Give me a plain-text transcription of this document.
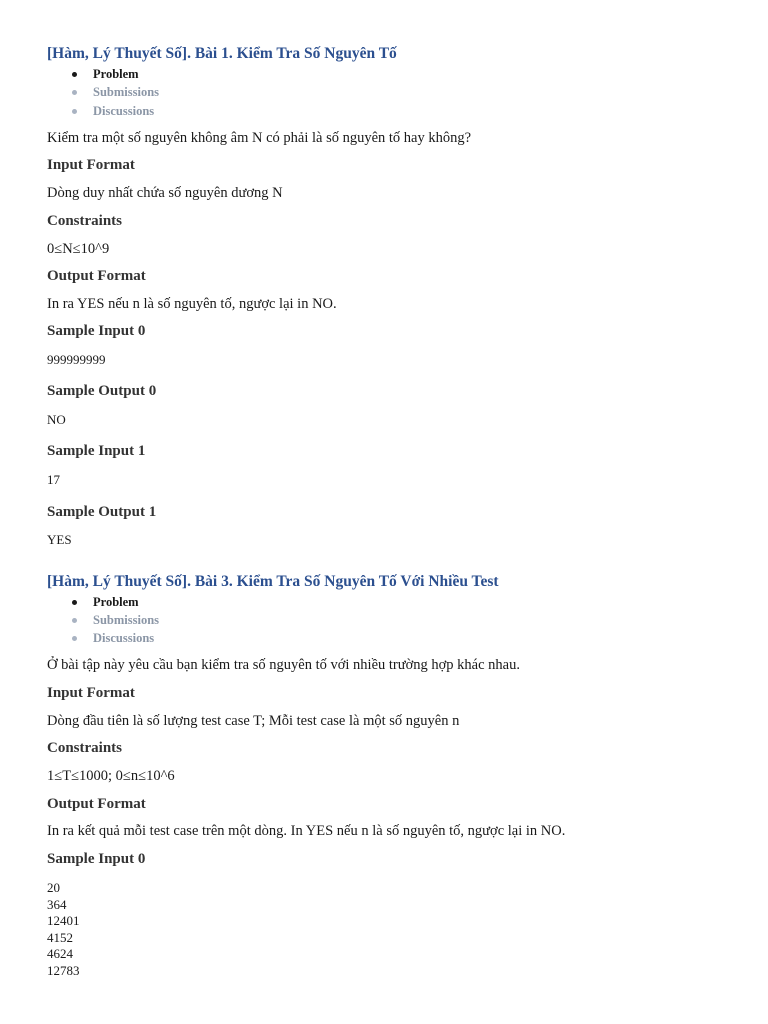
[Hàm, Lý Thuyết Số]. Bài 1. Kiểm Tra Số Nguyên Tố
Problem
Submissions
Discussions
Kiểm tra một số nguyên không âm N có phải là số nguyên tố hay không?
Input Format
Dòng duy nhất chứa số nguyên dương N
Constraints
0≤N≤10^9
Output Format
In ra YES nếu n là số nguyên tố, ngược lại in NO.
Sample Input 0
999999999
Sample Output 0
NO
Sample Input 1
17
Sample Output 1
YES
[Hàm, Lý Thuyết Số]. Bài 3. Kiểm Tra Số Nguyên Tố Với Nhiều Test
Problem
Submissions
Discussions
Ở bài tập này yêu cầu bạn kiểm tra số nguyên tố với nhiều trường hợp khác nhau.
Input Format
Dòng đầu tiên là số lượng test case T; Mỗi test case là một số nguyên n
Constraints
1≤T≤1000; 0≤n≤10^6
Output Format
In ra kết quả mỗi test case trên một dòng. In YES nếu n là số nguyên tố, ngược lại in NO.
Sample Input 0
20
364
12401
4152
4624
12783
